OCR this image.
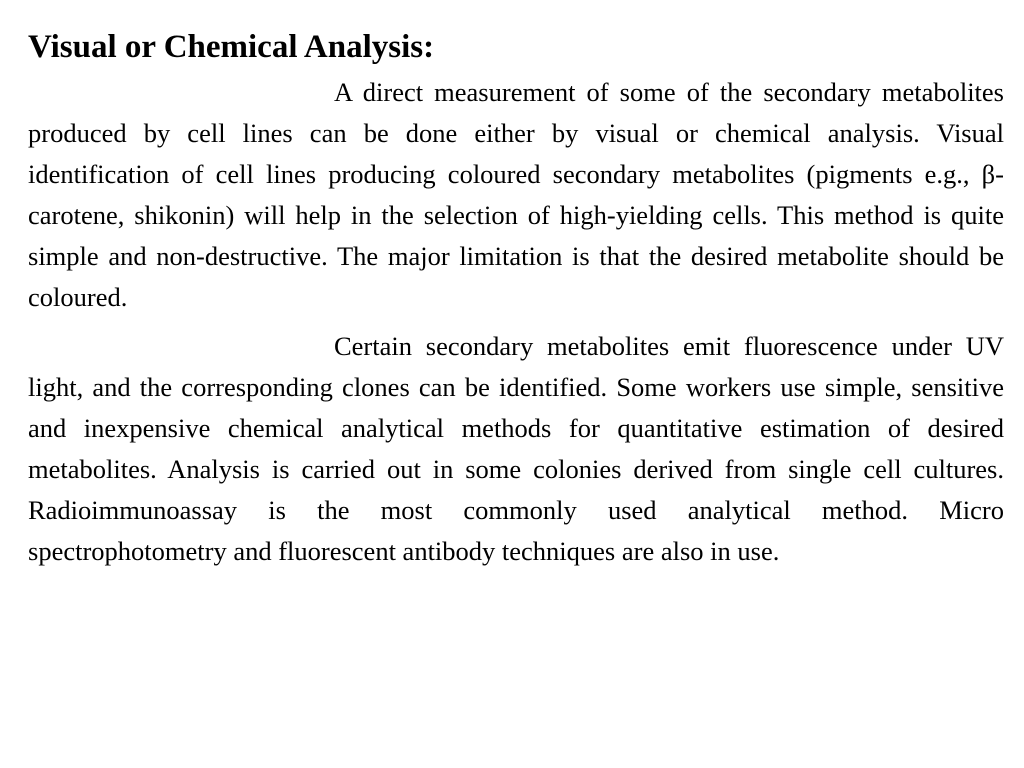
Visual or Chemical Analysis:

A direct measurement of some of the secondary metabolites produced by cell lines can be done either by visual or chemical analysis. Visual identification of cell lines producing coloured secondary metabolites (pigments e.g., β-carotene, shikonin) will help in the selection of high-yielding cells. This method is quite simple and non-destructive. The major limitation is that the desired metabolite should be coloured.

Certain secondary metabolites emit fluorescence under UV light, and the corresponding clones can be identified. Some workers use simple, sensitive and inexpensive chemical analytical methods for quantitative estimation of desired metabolites. Analysis is carried out in some colonies derived from single cell cultures. Radioimmunoassay is the most commonly used analytical method. Micro spectrophotometry and fluorescent antibody techniques are also in use.
